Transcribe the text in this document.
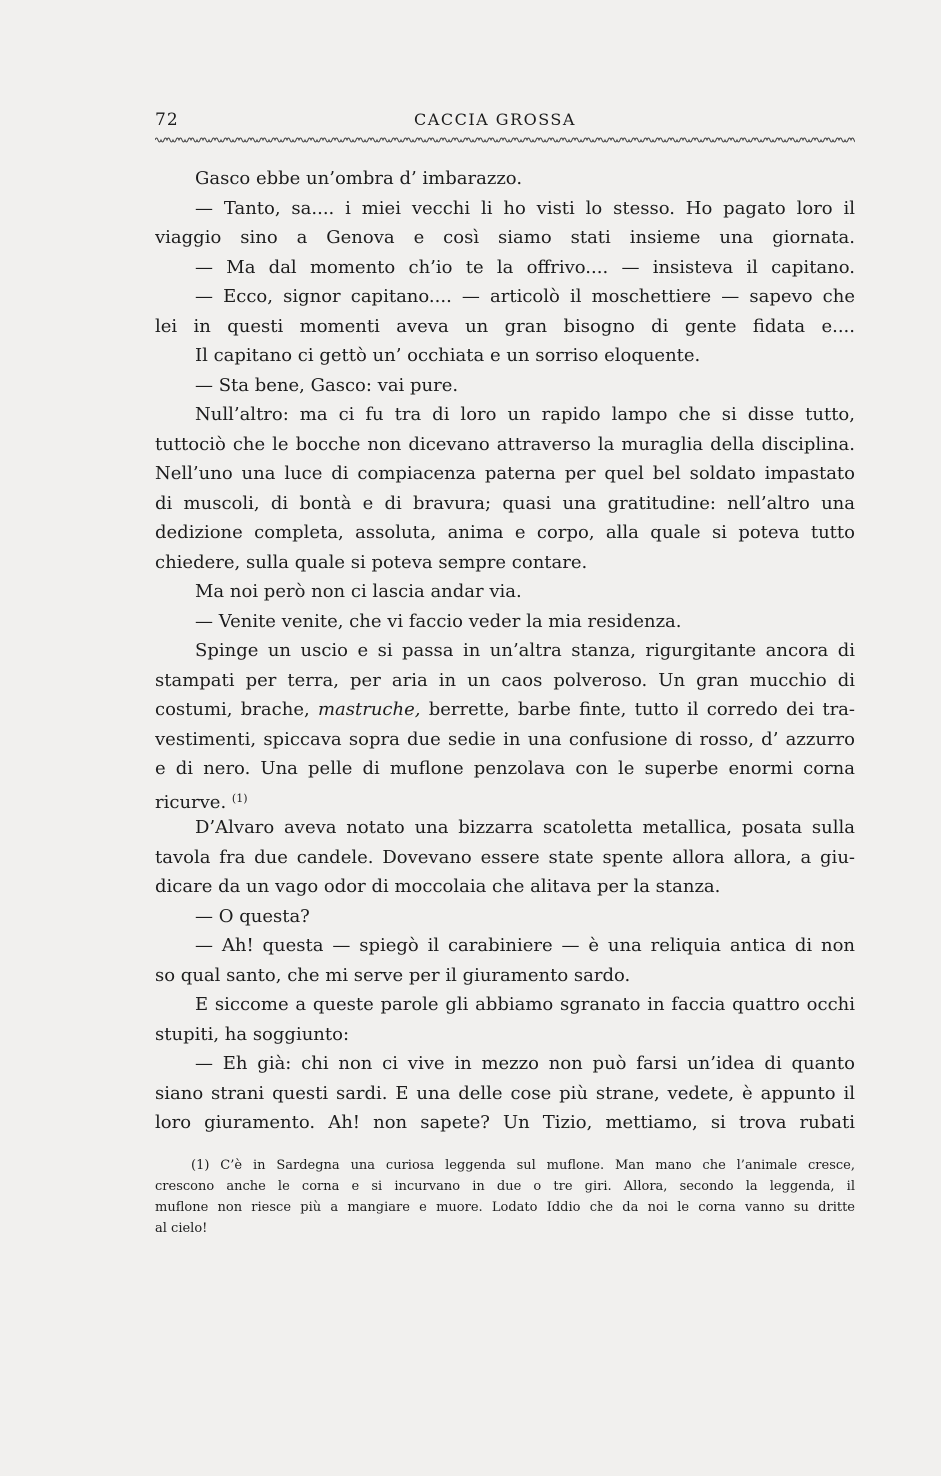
72	CACCIA GROSSA
Gasco ebbe un’ombra d’ imbarazzo.
— Tanto, sa.... i miei vecchi li ho visti lo stesso. Ho pagato loro il
viaggio sino a Genova e così siamo stati insieme una giornata.
— Ma dal momento ch’io te la offrivo.... — insisteva il capitano.
— Ecco, signor capitano.... — articolò il moschettiere — sapevo che
lei in questi momenti aveva un gran bisogno di gente fidata e....
Il capitano ci gettò un’ occhiata e un sorriso eloquente.
— Sta bene, Gasco: vai pure.
Null’altro: ma ci fu tra di loro un rapido lampo che si disse tutto,
tuttociò che le bocche non dicevano attraverso la muraglia della disciplina.
Nell’uno una luce di compiacenza paterna per quel bel soldato impastato
di muscoli, di bontà e di bravura; quasi una gratitudine: nell’altro una
dedizione completa, assoluta, anima e corpo, alla quale si poteva tutto
chiedere, sulla quale si poteva sempre contare.
Ma noi però non ci lascia andar via.
— Venite venite, che vi faccio veder la mia residenza.
Spinge un uscio e si passa in un’altra stanza, rigurgitante ancora di
stampati per terra, per aria in un caos polveroso. Un gran mucchio di
costumi, brache, mastruche, berrette, barbe finte, tutto il corredo dei tra-
vestimenti, spiccava sopra due sedie in una confusione di rosso, d’ azzurro
e di nero. Una pelle di muflone penzolava con le superbe enormi corna
ricurve. $^{(1)}$
D’Alvaro aveva notato una bizzarra scatoletta metallica, posata sulla
tavola fra due candele. Dovevano essere state spente allora allora, a giu-
dicare da un vago odor di moccolaia che alitava per la stanza.
— O questa?
— Ah! questa — spiegò il carabiniere — è una reliquia antica di non
so qual santo, che mi serve per il giuramento sardo.
E siccome a queste parole gli abbiamo sgranato in faccia quattro occhi
stupiti, ha soggiunto:
— Eh già: chi non ci vive in mezzo non può farsi un’idea di quanto
siano strani questi sardi. E una delle cose più strane, vedete, è appunto il
loro giuramento. Ah! non sapete? Un Tizio, mettiamo, si trova rubati
(1) C’è in Sardegna una curiosa leggenda sul muflone. Man mano che l’animale cresce,
crescono anche le corna e si incurvano in due o tre giri. Allora, secondo la leggenda, il
muflone non riesce più a mangiare e muore. Lodato Iddio che da noi le corna vanno su dritte
al cielo!
